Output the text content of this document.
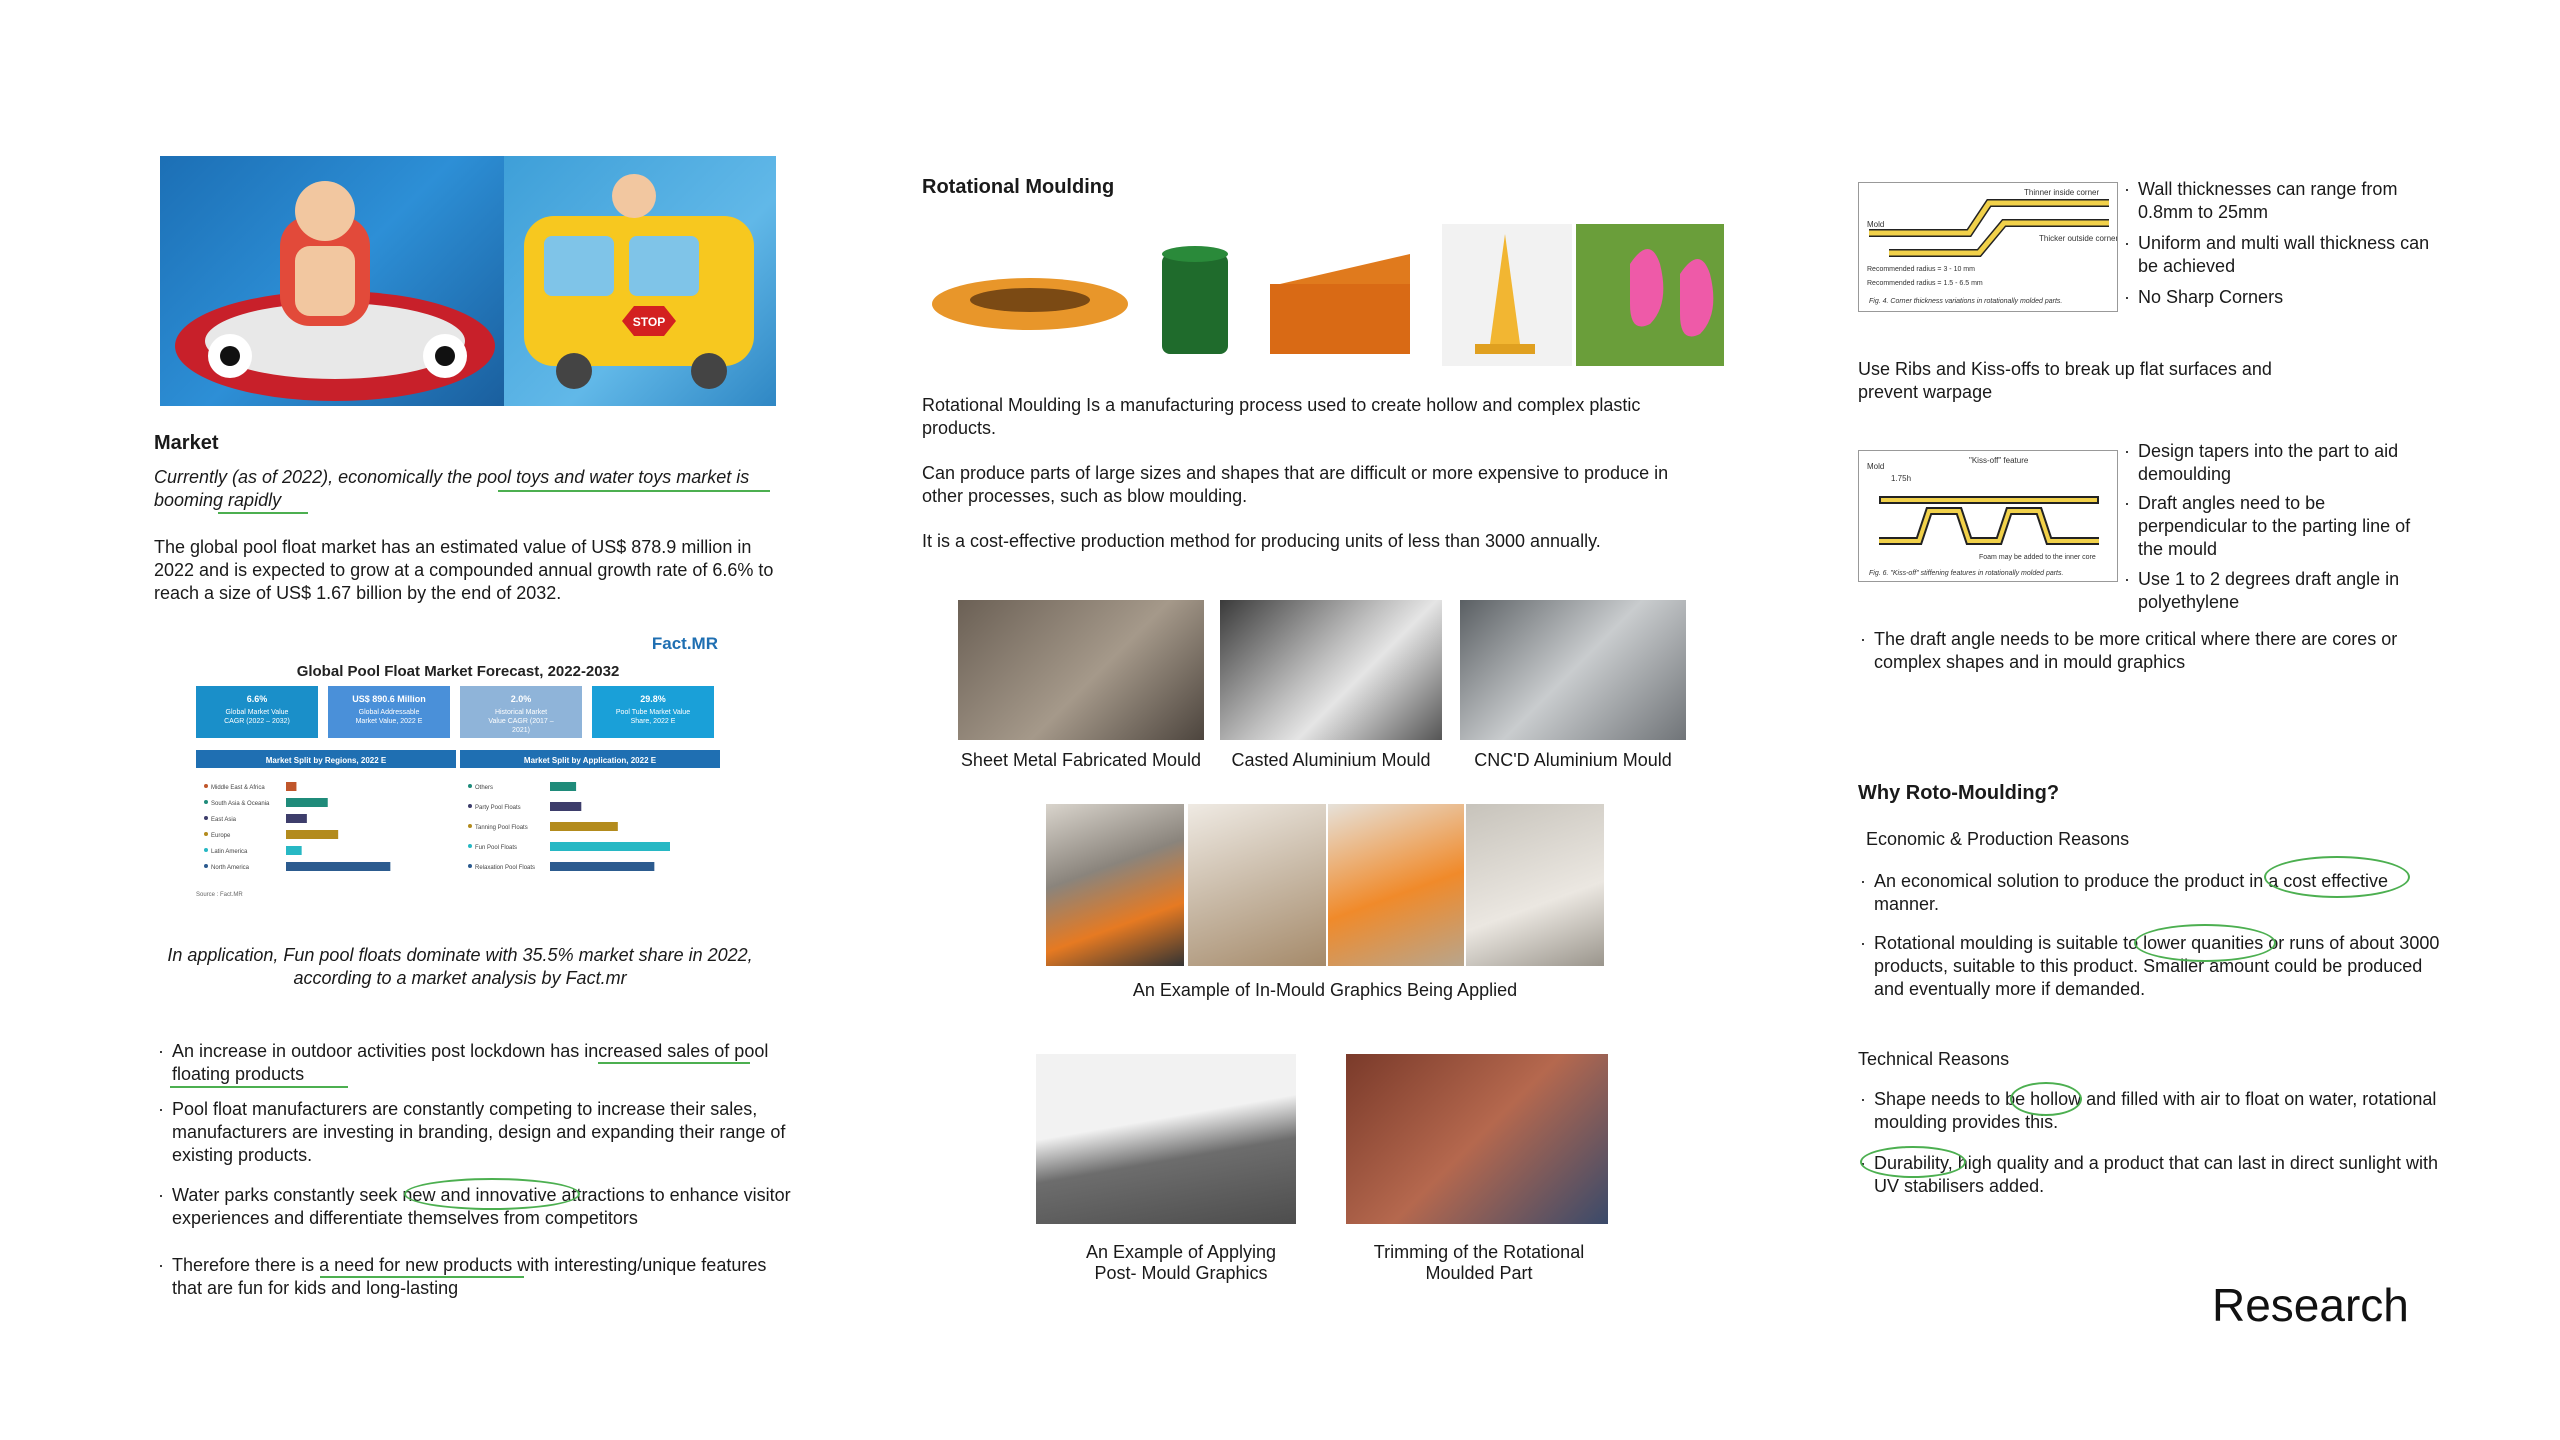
STOP
Market
Currently (as of 2022), economically the pool toys and water toys market is booming rapidly
The global pool float market has an estimated value of US$ 878.9 million in 2022 and is expected to grow at a compounded annual growth rate of 6.6% to reach a size of US$ 1.67 billion by the end of 2032.
Fact.MR
Global Pool Float Market Forecast, 2022-2032
6.6%
Global Market Value
CAGR (2022 – 2032)
US$ 890.6 Million
Global Addressable
Market Value, 2022 E
2.0%
Historical Market
Value CAGR (2017 –
2021)
29.8%
Pool Tube Market Value
Share, 2022 E
Market Split by Regions, 2022 E
Middle East & Africa
South Asia & Oceania
East Asia
Europe
Latin America
North America
Market Split by Application, 2022 E
Others
Party Pool Floats
Tanning Pool Floats
Fun Pool Floats
Relaxation Pool Floats
Source : Fact.MR
In application, Fun pool floats dominate with 35.5% market share in 2022, according to a market analysis by Fact.mr
· An increase in outdoor activities post lockdown has increased sales of pool floating products
· Pool float manufacturers are constantly competing to increase their sales, manufacturers are investing in branding, design and expanding their range of existing products.
· Water parks constantly seek new and innovative attractions to enhance visitor experiences and differentiate themselves from competitors
· Therefore there is a need for new products with interesting/unique features that are fun for kids and long-lasting
Rotational Moulding
Rotational Moulding Is a manufacturing process used to create hollow and complex plastic products.
Can produce parts of large sizes and shapes that are difficult or more expensive to produce in other processes, such as blow moulding.
It is a cost-effective production method for producing units of less than 3000 annually.
Sheet Metal Fabricated Mould	Casted Aluminium Mould	CNC'D Aluminium Mould
An Example of In-Mould Graphics Being Applied
An Example of Applying Post- Mould Graphics
Trimming of the Rotational Moulded Part
Thinner inside corner
Thicker outside corner
Mold
Recommended radius = 3 - 10 mm
Recommended radius = 1.5 - 6.5 mm
Fig. 4. Corner thickness variations in rotationally molded parts.
· Wall thicknesses can range from 0.8mm to 25mm
· Uniform and multi wall thickness can be achieved
· No Sharp Corners
Use Ribs and Kiss-offs to break up flat surfaces and prevent warpage
"Kiss-off" feature
Mold
1.75h
Foam may be added to the inner core
Fig. 6. "Kiss-off" stiffening features in rotationally molded parts.
· Design tapers into the part to aid demoulding
· Draft angles need to be perpendicular to the parting line of the mould
· Use 1 to 2 degrees draft angle in polyethylene
· The draft angle needs to be more critical where there are cores or complex shapes and in mould graphics
Why Roto-Moulding?
Economic & Production Reasons
· An economical solution to produce the product in a cost effective manner.
· Rotational moulding is suitable to lower quanities or runs of about 3000 products, suitable to this product. Smaller amount could be produced and eventually more if demanded.
Technical Reasons
· Shape needs to be hollow and filled with air to float on water, rotational moulding provides this.
· Durability, high quality and a product that can last in direct sunlight with UV stabilisers added.
Research
